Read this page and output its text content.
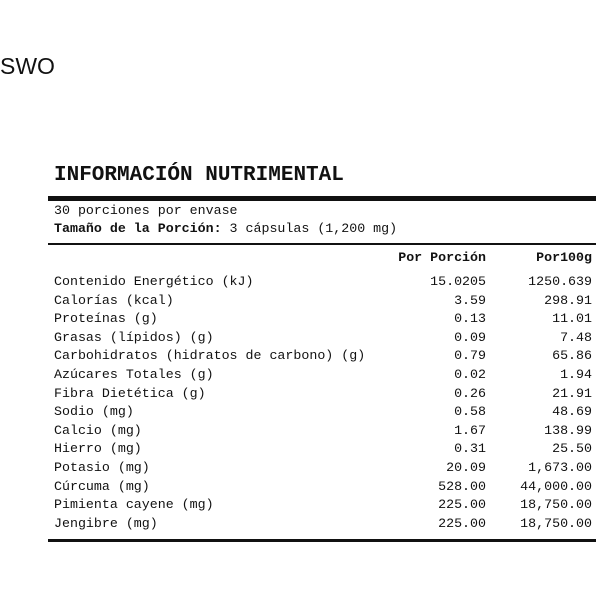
SWO
INFORMACIÓN NUTRIMENTAL
30 porciones por envase
Tamaño de la Porción: 3 cápsulas (1,200 mg)
	Por Porción	Por100g
Contenido Energético (kJ)	15.0205	1250.639
Calorías (kcal)	3.59	298.91
Proteínas (g)	0.13	11.01
Grasas (lípidos) (g)	0.09	7.48
Carbohidratos (hidratos de carbono) (g)	0.79	65.86
Azúcares Totales (g)	0.02	1.94
Fibra Dietética (g)	0.26	21.91
Sodio (mg)	0.58	48.69
Calcio (mg)	1.67	138.99
Hierro (mg)	0.31	25.50
Potasio (mg)	20.09	1,673.00
Cúrcuma (mg)	528.00	44,000.00
Pimienta cayene (mg)	225.00	18,750.00
Jengibre (mg)	225.00	18,750.00
